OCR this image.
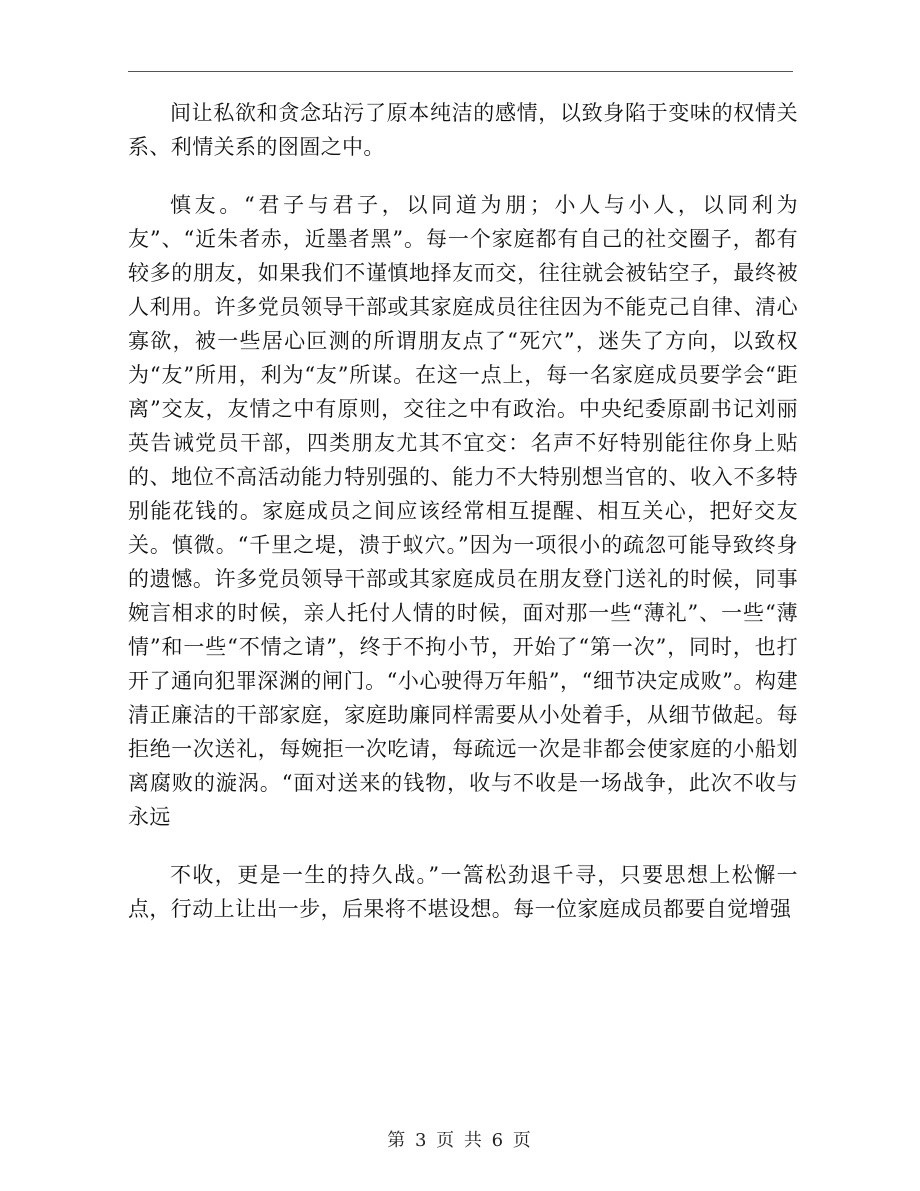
间让私欲和贪念玷污了原本纯洁的感情，以致身陷于变味的权情关系、利情关系的囹圄之中。

慎友。“君子与君子，以同道为朋；小人与小人，以同利为友”、“近朱者赤，近墨者黑”。每一个家庭都有自己的社交圈子，都有较多的朋友，如果我们不谨慎地择友而交，往往就会被钻空子，最终被人利用。许多党员领导干部或其家庭成员往往因为不能克己自律、清心寡欲，被一些居心叵测的所谓朋友点了“死穴”，迷失了方向，以致权为“友”所用，利为“友”所谋。在这一点上，每一名家庭成员要学会“距离”交友，友情之中有原则，交往之中有政治。中央纪委原副书记刘丽英告诫党员干部，四类朋友尤其不宜交：名声不好特别能往你身上贴的、地位不高活动能力特别强的、能力不大特别想当官的、收入不多特别能花钱的。家庭成员之间应该经常相互提醒、相互关心，把好交友关。慎微。“千里之堤，溃于蚁穴。”因为一项很小的疏忽可能导致终身的遗憾。许多党员领导干部或其家庭成员在朋友登门送礼的时候，同事婉言相求的时候，亲人托付人情的时候，面对那一些“薄礼”、一些“薄情”和一些“不情之请”，终于不拘小节，开始了“第一次”，同时，也打开了通向犯罪深渊的闸门。“小心驶得万年船”，“细节决定成败”。构建清正廉洁的干部家庭，家庭助廉同样需要从小处着手，从细节做起。每拒绝一次送礼，每婉拒一次吃请，每疏远一次是非都会使家庭的小船划离腐败的漩涡。“面对送来的钱物，收与不收是一场战争，此次不收与永远

不收，更是一生的持久战。”一篙松劲退千寻，只要思想上松懈一点，行动上让出一步，后果将不堪设想。每一位家庭成员都要自觉增强

第 3 页 共 6 页
